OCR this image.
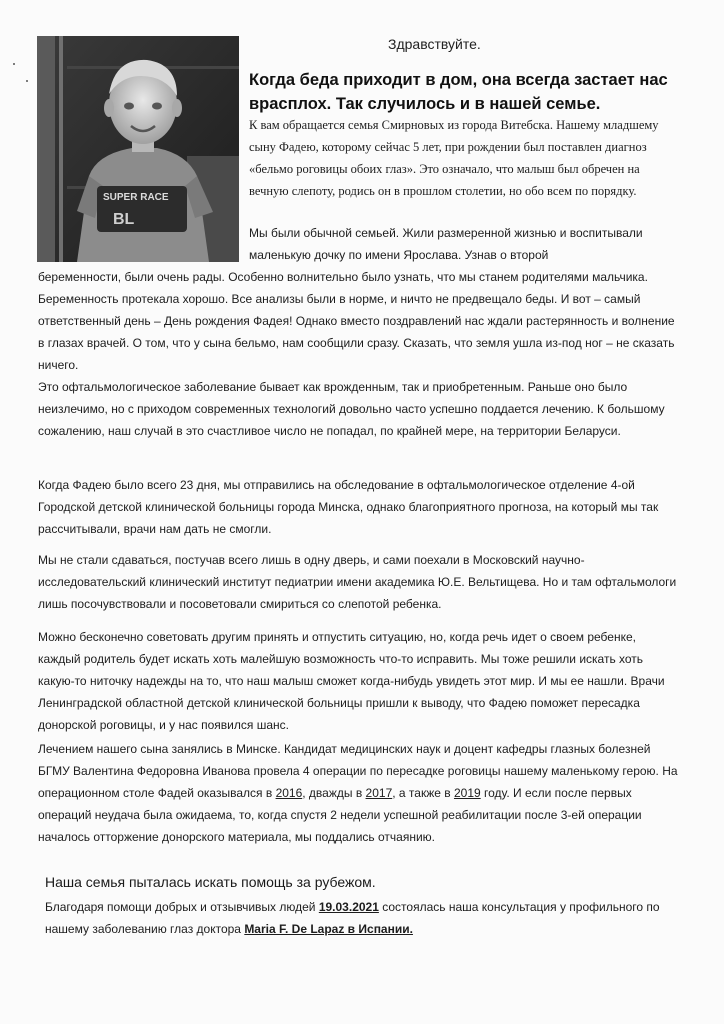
SUPER RACE
BL
Здравствуйте.
Когда беда приходит в дом, она всегда застает нас врасплох. Так случилось и в нашей семье.
К вам обращается семья Смирновых из города Витебска. Нашему младшему сыну Фадею, которому сейчас 5 лет, при рождении был поставлен диагноз «бельмо роговицы обоих глаз». Это означало, что малыш был обречен на вечную слепоту, родись он в прошлом столетии, но обо всем по порядку.
Мы были обычной семьей. Жили размеренной жизнью и воспитывали маленькую дочку по имени Ярослава. Узнав о второй
беременности, были очень рады. Особенно волнительно было узнать, что мы станем родителями мальчика. Беременность протекала хорошо. Все анализы были в норме, и ничто не предвещало беды. И вот – самый ответственный день – День рождения Фадея! Однако вместо поздравлений нас ждали растерянность и волнение в глазах врачей. О том, что у сына бельмо, нам сообщили сразу. Сказать, что земля ушла из-под ног – не сказать ничего.
Это офтальмологическое заболевание бывает как врожденным, так и приобретенным. Раньше оно было неизлечимо, но с приходом современных технологий довольно часто успешно поддается лечению. К большому сожалению, наш случай в это счастливое число не попадал, по крайней мере, на территории Беларуси.
Когда Фадею было всего 23 дня, мы отправились на обследование в офтальмологическое отделение 4-ой Городской детской клинической больницы города Минска, однако благоприятного прогноза, на который мы так рассчитывали, врачи нам дать не смогли.
Мы не стали сдаваться, постучав всего лишь в одну дверь, и сами поехали в Московский научно-исследовательский клинический институт педиатрии имени академика Ю.Е. Вельтищева. Но и там офтальмологи лишь посочувствовали и посоветовали смириться со слепотой ребенка.
Можно бесконечно советовать другим принять и отпустить ситуацию, но, когда речь идет о своем ребенке, каждый родитель будет искать хоть малейшую возможность что-то исправить. Мы тоже решили искать хоть какую-то ниточку надежды на то, что наш малыш сможет когда-нибудь увидеть этот мир. И мы ее нашли. Врачи Ленинградской областной детской клинической больницы пришли к выводу, что Фадею поможет пересадка донорской роговицы, и у нас появился шанс.
Лечением нашего сына занялись в Минске. Кандидат медицинских наук и доцент кафедры глазных болезней БГМУ Валентина Федоровна Иванова провела 4 операции по пересадке роговицы нашему маленькому герою. На операционном столе Фадей оказывался в 2016, дважды в 2017, а также в 2019 году. И если после первых операций неудача была ожидаема, то, когда спустя 2 недели успешной реабилитации после 3-ей операции началось отторжение донорского материала, мы поддались отчаянию.
Наша семья пыталась искать помощь за рубежом.
Благодаря помощи добрых и отзывчивых людей 19.03.2021 состоялась наша консультация у профильного по нашему заболеванию глаз доктора Maria F. De Lapaz в Испании.
